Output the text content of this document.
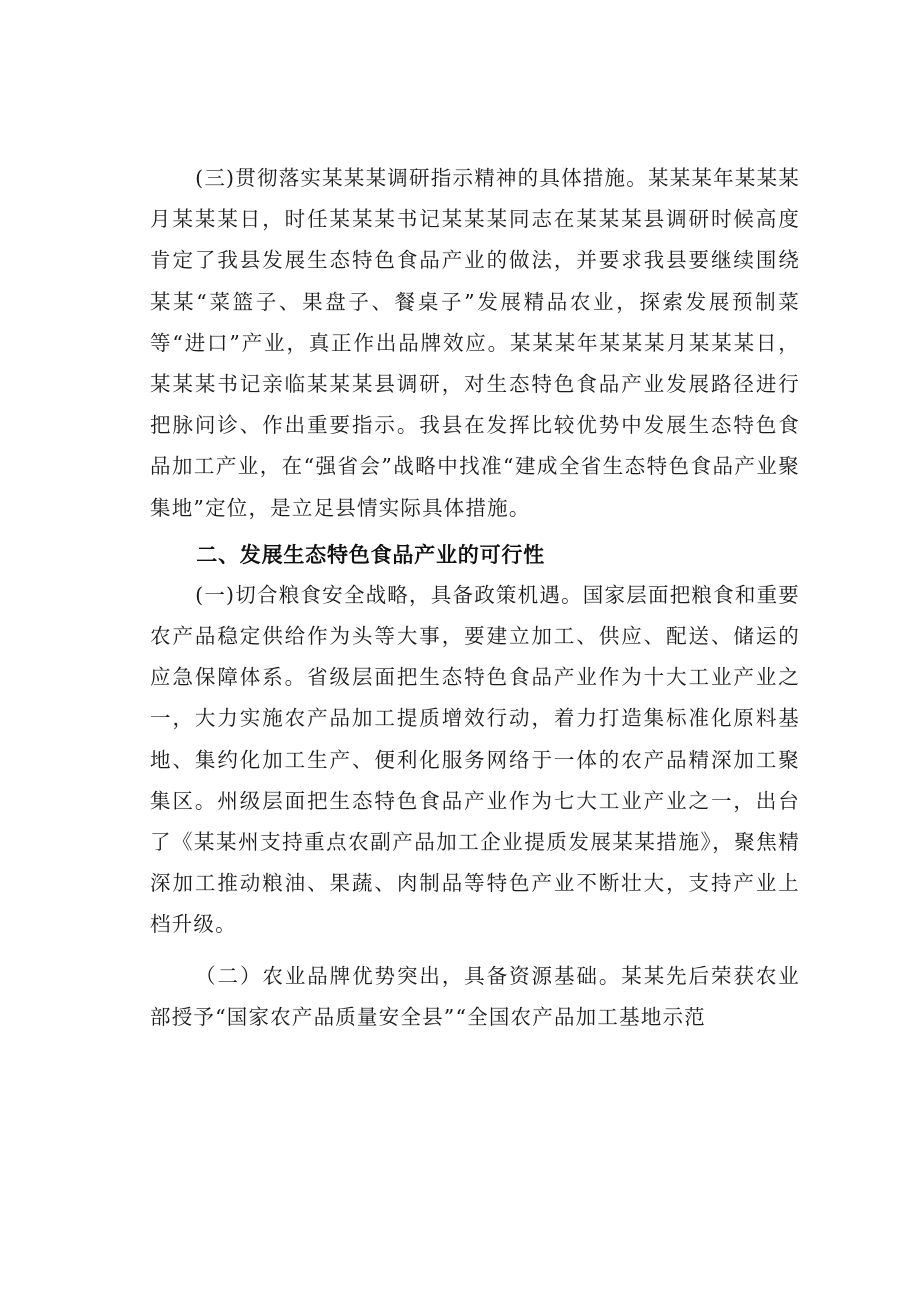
(三)贯彻落实某某某调研指示精神的具体措施。某某某年某某某月某某某日，时任某某某书记某某某同志在某某某县调研时候高度肯定了我县发展生态特色食品产业的做法，并要求我县要继续围绕某某“菜篮子、果盘子、餐桌子”发展精品农业，探索发展预制菜等“进口”产业，真正作出品牌效应。某某某年某某某月某某某日，某某某书记亲临某某某县调研，对生态特色食品产业发展路径进行把脉问诊、作出重要指示。我县在发挥比较优势中发展生态特色食品加工产业，在“强省会”战略中找准“建成全省生态特色食品产业聚集地”定位，是立足县情实际具体措施。

二、发展生态特色食品产业的可行性

(一)切合粮食安全战略，具备政策机遇。国家层面把粮食和重要农产品稳定供给作为头等大事，要建立加工、供应、配送、储运的应急保障体系。省级层面把生态特色食品产业作为十大工业产业之一，大力实施农产品加工提质增效行动，着力打造集标准化原料基地、集约化加工生产、便利化服务网络于一体的农产品精深加工聚集区。州级层面把生态特色食品产业作为七大工业产业之一，出台了《某某州支持重点农副产品加工企业提质发展某某措施》，聚焦精深加工推动粮油、果蔬、肉制品等特色产业不断壮大，支持产业上档升级。

（二）农业品牌优势突出，具备资源基础。某某先后荣获农业部授予“国家农产品质量安全县”“全国农产品加工基地示范
